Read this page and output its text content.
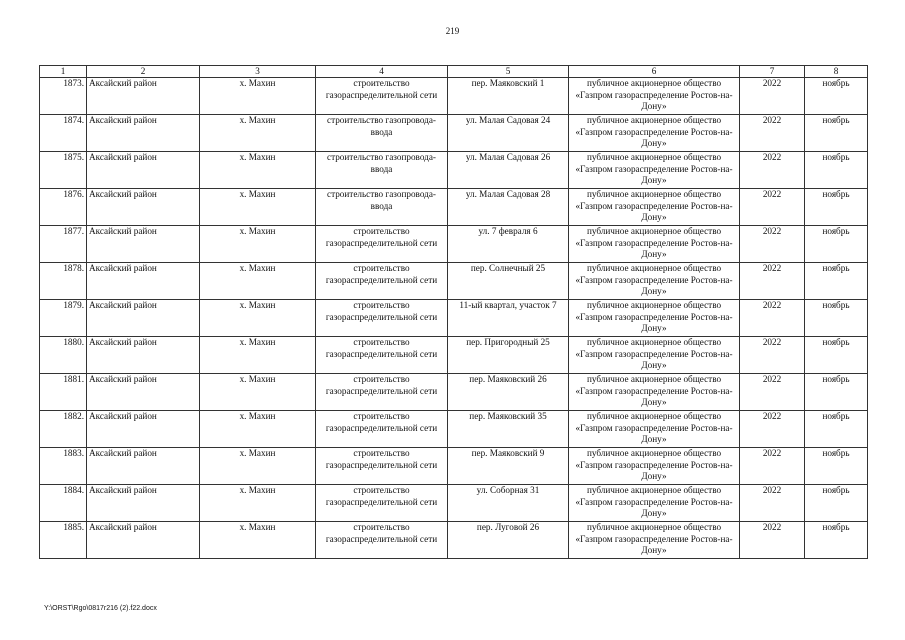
219
1	2	3	4	5	6	7	8
1873.	Аксайский район	х. Махин	строительство газораспределительной сети	пер. Маяковский 1	публичное акционерное общество «Газпром газораспределение Ростов-на-Дону»	2022	ноябрь
1874.	Аксайский район	х. Махин	строительство газопровода-ввода	ул. Малая Садовая 24	публичное акционерное общество «Газпром газораспределение Ростов-на-Дону»	2022	ноябрь
1875.	Аксайский район	х. Махин	строительство газопровода-ввода	ул. Малая Садовая 26	публичное акционерное общество «Газпром газораспределение Ростов-на-Дону»	2022	ноябрь
1876.	Аксайский район	х. Махин	строительство газопровода-ввода	ул. Малая Садовая 28	публичное акционерное общество «Газпром газораспределение Ростов-на-Дону»	2022	ноябрь
1877.	Аксайский район	х. Махин	строительство газораспределительной сети	ул. 7 февраля 6	публичное акционерное общество «Газпром газораспределение Ростов-на-Дону»	2022	ноябрь
1878.	Аксайский район	х. Махин	строительство газораспределительной сети	пер. Солнечный 25	публичное акционерное общество «Газпром газораспределение Ростов-на-Дону»	2022	ноябрь
1879.	Аксайский район	х. Махин	строительство газораспределительной сети	11-ый квартал, участок 7	публичное акционерное общество «Газпром газораспределение Ростов-на-Дону»	2022	ноябрь
1880.	Аксайский район	х. Махин	строительство газораспределительной сети	пер. Пригородный 25	публичное акционерное общество «Газпром газораспределение Ростов-на-Дону»	2022	ноябрь
1881.	Аксайский район	х. Махин	строительство газораспределительной сети	пер. Маяковский 26	публичное акционерное общество «Газпром газораспределение Ростов-на-Дону»	2022	ноябрь
1882.	Аксайский район	х. Махин	строительство газораспределительной сети	пер. Маяковский 35	публичное акционерное общество «Газпром газораспределение Ростов-на-Дону»	2022	ноябрь
1883.	Аксайский район	х. Махин	строительство газораспределительной сети	пер. Маяковский 9	публичное акционерное общество «Газпром газораспределение Ростов-на-Дону»	2022	ноябрь
1884.	Аксайский район	х. Махин	строительство газораспределительной сети	ул. Соборная 31	публичное акционерное общество «Газпром газораспределение Ростов-на-Дону»	2022	ноябрь
1885.	Аксайский район	х. Махин	строительство газораспределительной сети	пер. Луговой 26	публичное акционерное общество «Газпром газораспределение Ростов-на-Дону»	2022	ноябрь
Y:\ORST\Rgo\0817r216 (2).f22.docx
